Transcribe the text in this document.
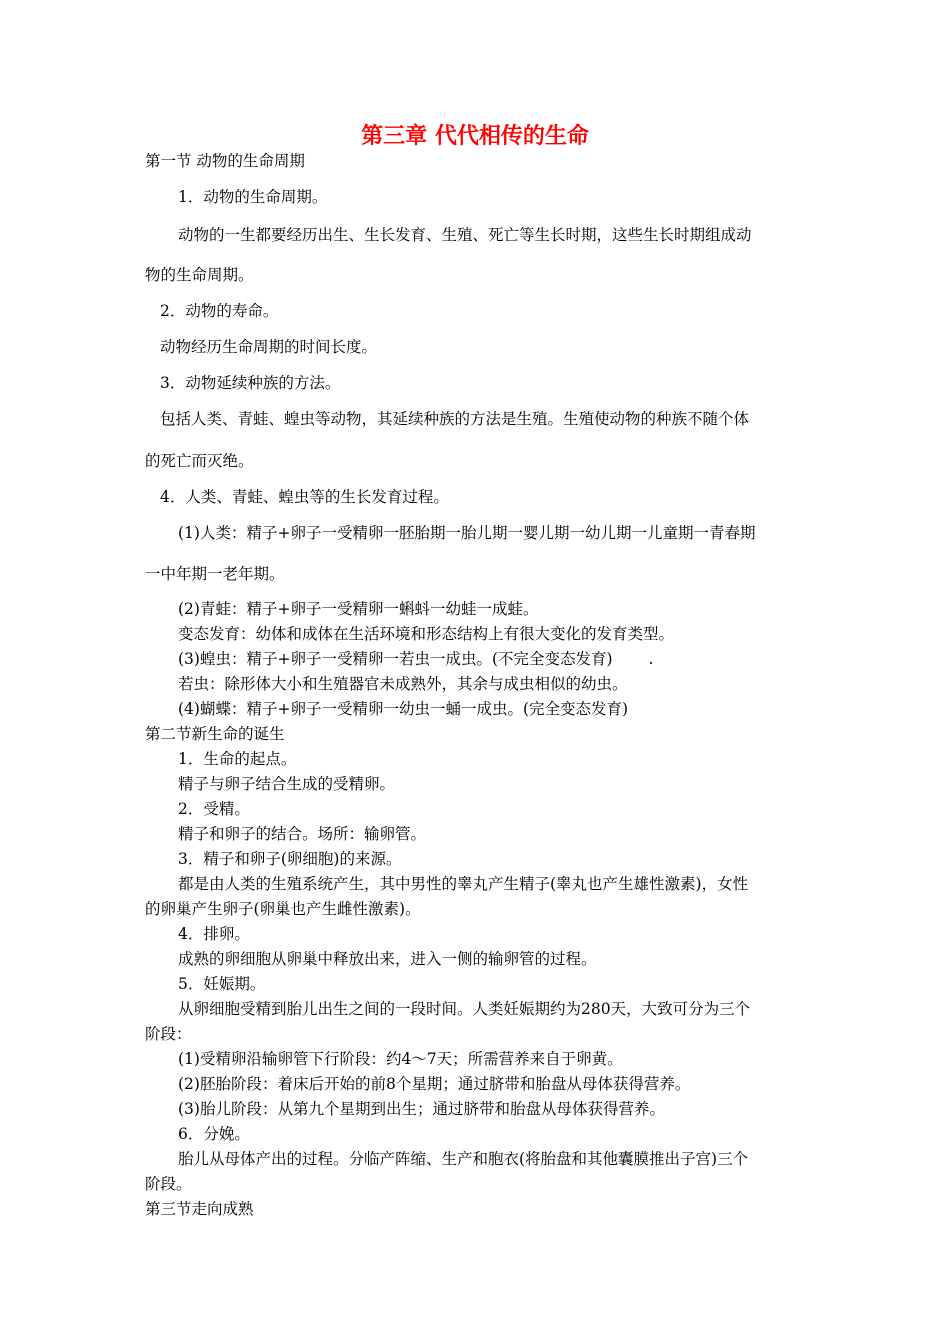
第三章 代代相传的生命
第一节 动物的生命周期
1．动物的生命周期。
动物的一生都要经历出生、生长发育、生殖、死亡等生长时期，这些生长时期组成动
物的生命周期。
2．动物的寿命。
动物经历生命周期的时间长度。
3．动物延续种族的方法。
包括人类、青蛙、蝗虫等动物，其延续种族的方法是生殖。生殖使动物的种族不随个体
的死亡而灭绝。
4．人类、青蛙、蝗虫等的生长发育过程。
(1)人类：精子+卵子一受精卵一胚胎期一胎儿期一婴儿期一幼儿期一儿童期一青春期
一中年期一老年期。
(2)青蛙：精子+卵子一受精卵一蝌蚪一幼蛙一成蛙。
变态发育：幼体和成体在生活环境和形态结构上有很大变化的发育类型。
(3)蝗虫：精子+卵子一受精卵一若虫一成虫。(不完全变态发育)　　 .
若虫：除形体大小和生殖器官未成熟外，其余与成虫相似的幼虫。
(4)蝴蝶：精子+卵子一受精卵一幼虫一蛹一成虫。(完全变态发育)
第二节新生命的诞生
1．生命的起点。
精子与卵子结合生成的受精卵。
2．受精。
精子和卵子的结合。场所：输卵管。
3．精子和卵子(卵细胞)的来源。
都是由人类的生殖系统产生，其中男性的睾丸产生精子(睾丸也产生雄性激素)，女性
的卵巢产生卵子(卵巢也产生雌性激素)。
4．排卵。
成熟的卵细胞从卵巢中释放出来，进入一侧的输卵管的过程。
5．妊娠期。
从卵细胞受精到胎儿出生之间的一段时间。人类妊娠期约为280天，大致可分为三个
阶段：
(1)受精卵沿输卵管下行阶段：约4～7天；所需营养来自于卵黄。
(2)胚胎阶段：着床后开始的前8个星期；通过脐带和胎盘从母体获得营养。
(3)胎儿阶段：从第九个星期到出生；通过脐带和胎盘从母体获得营养。
6．分娩。
胎儿从母体产出的过程。分临产阵缩、生产和胞衣(将胎盘和其他囊膜推出子宫)三个
阶段。
第三节走向成熟
